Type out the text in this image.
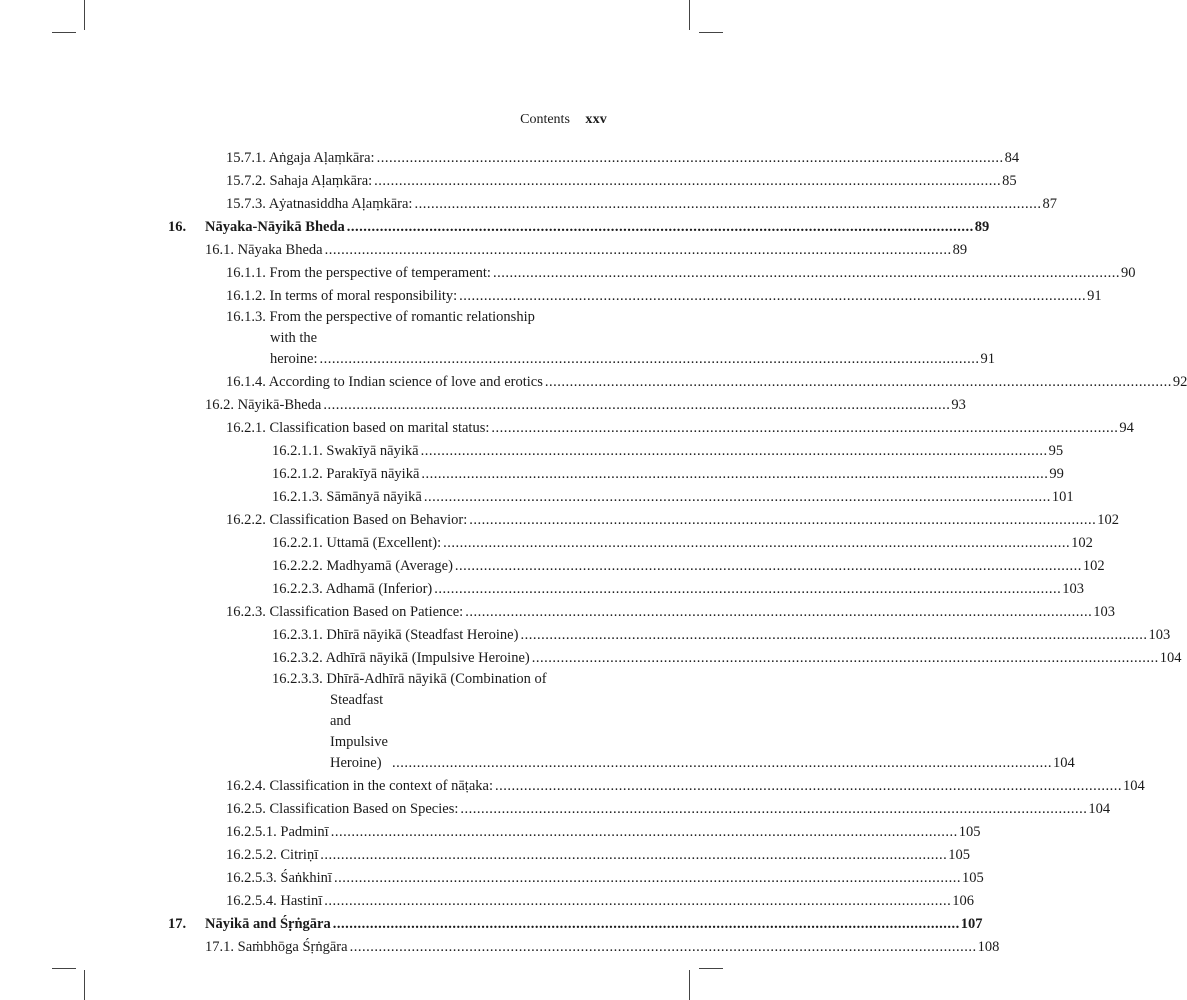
Contents xxv
15.7.1. Aṅgaja Aḷaṃkāra: .....	84
15.7.2. Sahaja Aḷaṃkāra: .....	85
15.7.3. Aẏatnasiddha Aḷaṃkāra: .....	87
16.	Nāyaka-Nāyikā Bheda .....	89
16.1. Nāyaka Bheda .....	89
16.1.1. From the perspective of temperament: .....	90
16.1.2. In terms of moral responsibility: .....	91
16.1.3. From the perspective of romantic relationship
with the heroine: ................................................................................................................................................................ 91
16.1.4. According to Indian science of love and erotics .....	92
16.2. Nāyikā-Bheda .....	93
16.2.1. Classification based on marital status: .....	94
16.2.1.1. Swakīyā nāyikā .....	95
16.2.1.2. Parakīyā nāyikā .....	99
16.2.1.3. Sāmānyā nāyikā .....	101
16.2.2. Classification Based on Behavior: .....	102
16.2.2.1. Uttamā (Excellent): .....	102
16.2.2.2. Madhyamā (Average) .....	102
16.2.2.3. Adhamā (Inferior) .....	103
16.2.3. Classification Based on Patience: .....	103
16.2.3.1. Dhīrā nāyikā (Steadfast Heroine) .....	103
16.2.3.2. Adhīrā nāyikā (Impulsive Heroine) .....	104
16.2.3.3. Dhīrā-Adhīrā nāyikā (Combination of
Steadfast and Impulsive Heroine) ................................................................................................................................................................ 104
16.2.4. Classification in the context of nāṭaka: .....	104
16.2.5. Classification Based on Species: .....	104
16.2.5.1. Padminī .....	105
16.2.5.2. Citriṇī .....	105
16.2.5.3. Śaṅkhinī .....	105
16.2.5.4. Hastinī .....	106
17.	Nāyikā and Śṛṅgāra .....	107
17.1. Saṁbhōga Śṛṅgāra .....	108
